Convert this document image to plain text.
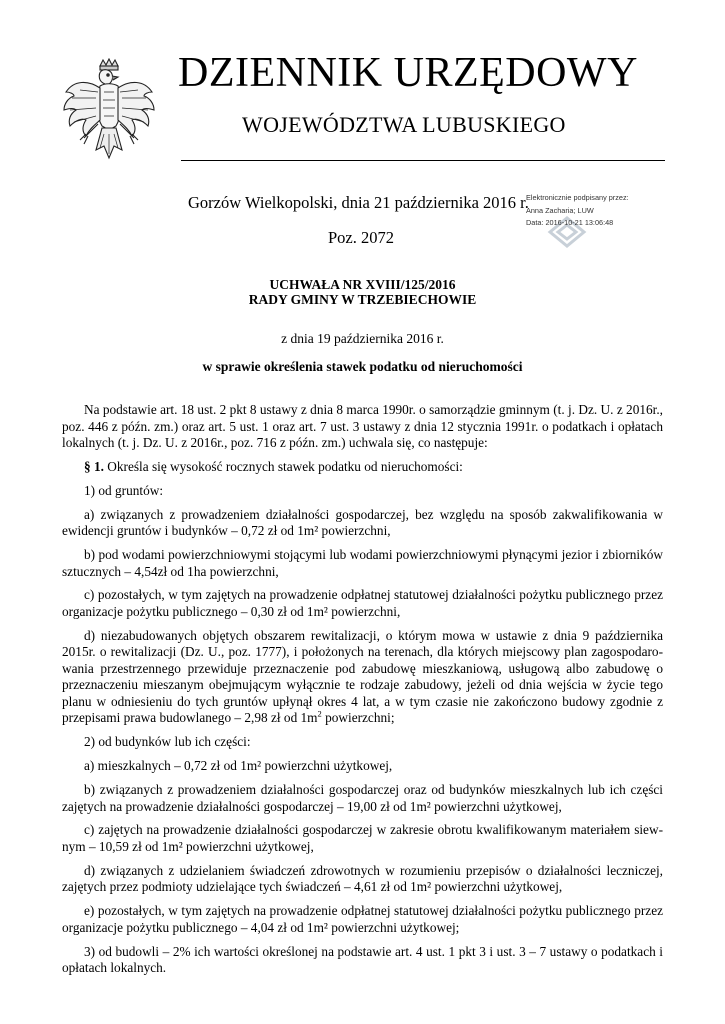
DZIENNIK URZĘDOWY
WOJEWÓDZTWA LUBUSKIEGO
Gorzów Wielkopolski, dnia 21 października 2016 r.
Poz. 2072
Elektronicznie podpisany przez:
Anna Zacharia; LUW
Data: 2016-10-21 13:06:48
UCHWAŁA NR XVIII/125/2016
RADY GMINY W TRZEBIECHOWIE
z dnia 19 października 2016 r.
w sprawie określenia stawek podatku od nieruchomości

Na podstawie art. 18 ust. 2 pkt 8 ustawy z dnia 8 marca 1990r. o samorządzie gminnym (t. j. Dz. U. z 2016r., poz. 446 z późn. zm.) oraz art. 5 ust. 1 oraz art. 7 ust. 3 ustawy z dnia 12 stycznia 1991r. o podatkach i opłatach lokalnych (t. j. Dz. U. z 2016r., poz. 716 z późn. zm.) uchwala się, co następuje:

§ 1. Określa się wysokość rocznych stawek podatku od nieruchomości:

1) od gruntów:

a) związanych z prowadzeniem działalności gospodarczej, bez względu na sposób zakwalifikowania w ewidencji gruntów i budynków – 0,72 zł od 1m² powierzchni,

b) pod wodami powierzchniowymi stojącymi lub wodami powierzchniowymi płynącymi jezior i zbiorników sztucznych – 4,54zł od 1ha powierzchni,

c) pozostałych, w tym zajętych na prowadzenie odpłatnej statutowej działalności pożytku publicznego przez organizacje pożytku publicznego – 0,30 zł od 1m² powierzchni,

d) niezabudowanych objętych obszarem rewitalizacji, o którym mowa w ustawie z dnia 9 października 2015r. o rewitalizacji (Dz. U., poz. 1777), i położonych na terenach, dla których miejscowy plan zagospodarowania przestrzennego przewiduje przeznaczenie pod zabudowę mieszkaniową, usługową albo zabudowę o przeznaczeniu mieszanym obejmującym wyłącznie te rodzaje zabudowy, jeżeli od dnia wejścia w życie tego planu w odniesieniu do tych gruntów upłynął okres 4 lat, a w tym czasie nie zakończono budowy zgodnie z przepisami prawa budowlanego – 2,98 zł od $1m^2$ powierzchni;

2) od budynków lub ich części:

a) mieszkalnych – 0,72 zł od 1m² powierzchni użytkowej,

b) związanych z prowadzeniem działalności gospodarczej oraz od budynków mieszkalnych lub ich części zajętych na prowadzenie działalności gospodarczej – 19,00 zł od 1m² powierzchni użytkowej,

c) zajętych na prowadzenie działalności gospodarczej w zakresie obrotu kwalifikowanym materiałem siewnym – 10,59 zł od 1m² powierzchni użytkowej,

d) związanych z udzielaniem świadczeń zdrowotnych w rozumieniu przepisów o działalności leczniczej, zajętych przez podmioty udzielające tych świadczeń – 4,61 zł od 1m² powierzchni użytkowej,

e) pozostałych, w tym zajętych na prowadzenie odpłatnej statutowej działalności pożytku publicznego przez organizacje pożytku publicznego – 4,04 zł od 1m² powierzchni użytkowej;

3) od budowli – 2% ich wartości określonej na podstawie art. 4 ust. 1 pkt 3 i ust. 3 – 7 ustawy o podatkach i opłatach lokalnych.
